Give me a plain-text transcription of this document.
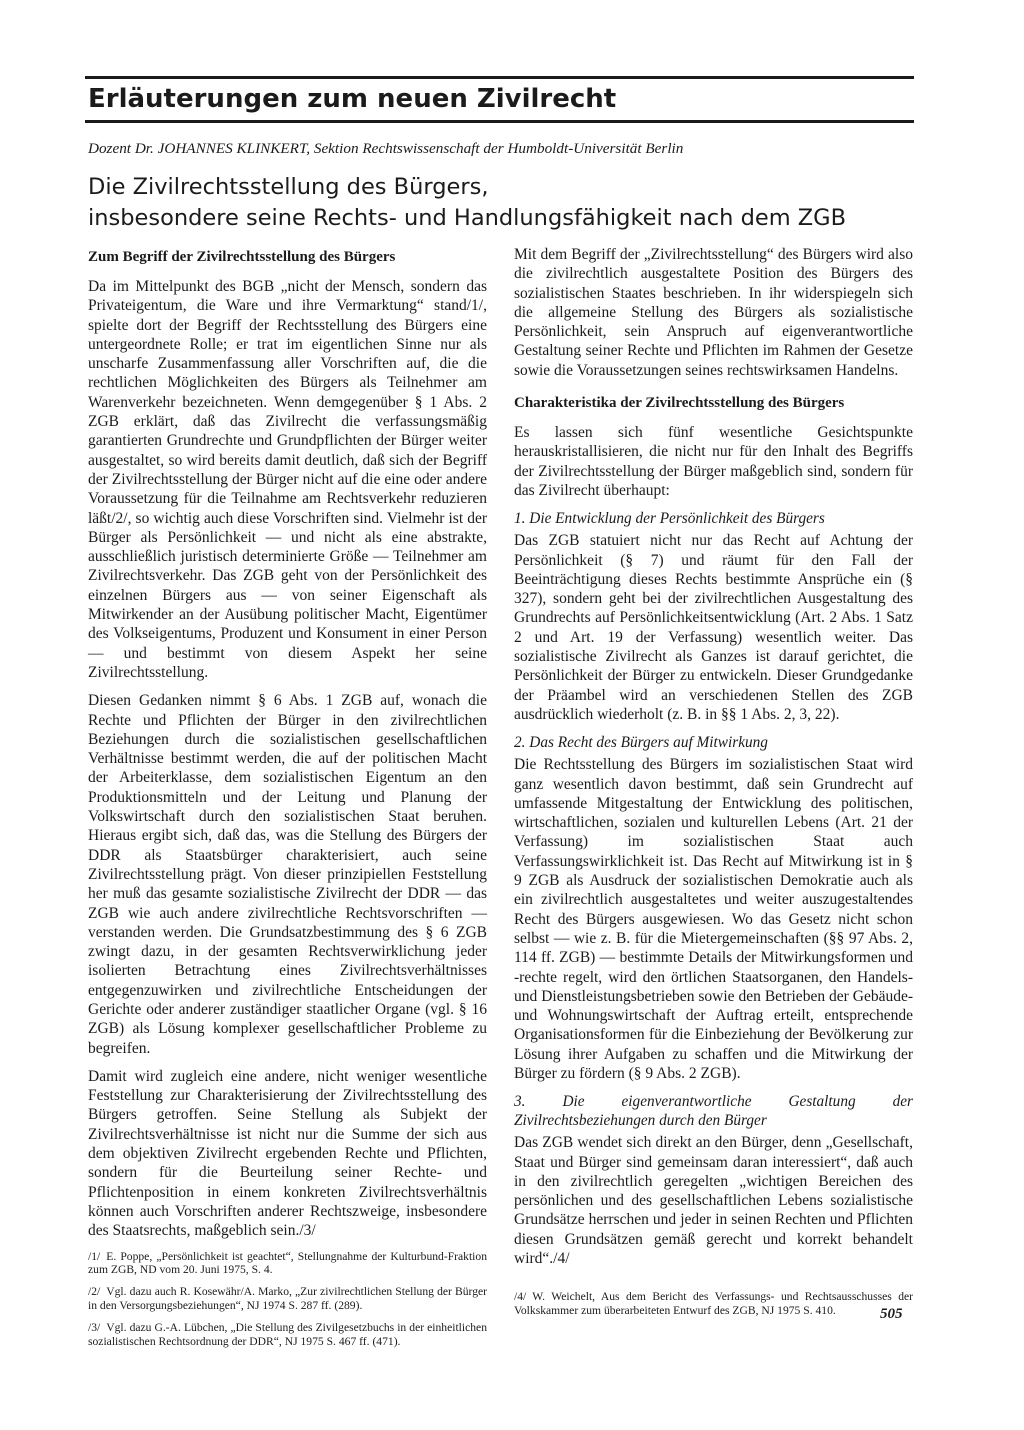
Erläuterungen zum neuen Zivilrecht

Dozent Dr. JOHANNES KLINKERT, Sektion Rechtswissenschaft der Humboldt-Universität Berlin

Die Zivilrechtsstellung des Bürgers,
insbesondere seine Rechts- und Handlungsfähigkeit nach dem ZGB
Zum Begriff der Zivilrechtsstellung des Bürgers

Da im Mittelpunkt des BGB „nicht der Mensch, sondern das Privateigentum, die Ware und ihre Vermarktung“ stand/1/, spielte dort der Begriff der Rechtsstellung des Bürgers eine untergeordnete Rolle; er trat im eigentlichen Sinne nur als unscharfe Zusammenfassung aller Vorschriften auf, die die rechtlichen Möglichkeiten des Bürgers als Teilnehmer am Warenverkehr bezeichneten. Wenn demgegenüber § 1 Abs. 2 ZGB erklärt, daß das Zivilrecht die verfassungsmäßig garantierten Grundrechte und Grundpflichten der Bürger weiter ausgestaltet, so wird bereits damit deutlich, daß sich der Begriff der Zivilrechtsstellung der Bürger nicht auf die eine oder andere Voraussetzung für die Teilnahme am Rechtsverkehr reduzieren läßt/2/, so wichtig auch diese Vorschriften sind. Vielmehr ist der Bürger als Persönlichkeit — und nicht als eine abstrakte, ausschließlich juristisch determinierte Größe — Teilnehmer am Zivilrechtsverkehr. Das ZGB geht von der Persönlichkeit des einzelnen Bürgers aus — von seiner Eigenschaft als Mitwirkender an der Ausübung politischer Macht, Eigentümer des Volkseigentums, Produzent und Konsument in einer Person — und bestimmt von diesem Aspekt her seine Zivilrechtsstellung.

Diesen Gedanken nimmt § 6 Abs. 1 ZGB auf, wonach die Rechte und Pflichten der Bürger in den zivilrechtlichen Beziehungen durch die sozialistischen gesellschaftlichen Verhältnisse bestimmt werden, die auf der politischen Macht der Arbeiterklasse, dem sozialistischen Eigentum an den Produktionsmitteln und der Leitung und Planung der Volkswirtschaft durch den sozialistischen Staat beruhen. Hieraus ergibt sich, daß das, was die Stellung des Bürgers der DDR als Staatsbürger charakterisiert, auch seine Zivilrechtsstellung prägt. Von dieser prinzipiellen Feststellung her muß das gesamte sozialistische Zivilrecht der DDR — das ZGB wie auch andere zivilrechtliche Rechtsvorschriften — verstanden werden. Die Grundsatzbestimmung des § 6 ZGB zwingt dazu, in der gesamten Rechtsverwirklichung jeder isolierten Betrachtung eines Zivilrechtsverhältnisses entgegenzuwirken und zivilrechtliche Entscheidungen der Gerichte oder anderer zuständiger staatlicher Organe (vgl. § 16 ZGB) als Lösung komplexer gesellschaftlicher Probleme zu begreifen.

Damit wird zugleich eine andere, nicht weniger wesentliche Feststellung zur Charakterisierung der Zivilrechtsstellung des Bürgers getroffen. Seine Stellung als Subjekt der Zivilrechtsverhältnisse ist nicht nur die Summe der sich aus dem objektiven Zivilrecht ergebenden Rechte und Pflichten, sondern für die Beurteilung seiner Rechte- und Pflichtenposition in einem konkreten Zivilrechtsverhältnis können auch Vorschriften anderer Rechtszweige, insbesondere des Staatsrechts, maßgeblich sein./3/

/1/ E. Poppe, „Persönlichkeit ist geachtet“, Stellungnahme der Kulturbund-Fraktion zum ZGB, ND vom 20. Juni 1975, S. 4.

/2/ Vgl. dazu auch R. Kosewähr/A. Marko, „Zur zivilrechtlichen Stellung der Bürger in den Versorgungsbeziehungen“, NJ 1974 S. 287 ff. (289).

/3/ Vgl. dazu G.-A. Lübchen, „Die Stellung des Zivilgesetzbuchs in der einheitlichen sozialistischen Rechtsordnung der DDR“, NJ 1975 S. 467 ff. (471).

Mit dem Begriff der „Zivilrechtsstellung“ des Bürgers wird also die zivilrechtlich ausgestaltete Position des Bürgers des sozialistischen Staates beschrieben. In ihr widerspiegeln sich die allgemeine Stellung des Bürgers als sozialistische Persönlichkeit, sein Anspruch auf eigenverantwortliche Gestaltung seiner Rechte und Pflichten im Rahmen der Gesetze sowie die Voraussetzungen seines rechtswirksamen Handelns.

Charakteristika der Zivilrechtsstellung des Bürgers

Es lassen sich fünf wesentliche Gesichtspunkte herauskristallisieren, die nicht nur für den Inhalt des Begriffs der Zivilrechtsstellung der Bürger maßgeblich sind, sondern für das Zivilrecht überhaupt:

1. Die Entwicklung der Persönlichkeit des Bürgers

Das ZGB statuiert nicht nur das Recht auf Achtung der Persönlichkeit (§ 7) und räumt für den Fall der Beeinträchtigung dieses Rechts bestimmte Ansprüche ein (§ 327), sondern geht bei der zivilrechtlichen Ausgestaltung des Grundrechts auf Persönlichkeitsentwicklung (Art. 2 Abs. 1 Satz 2 und Art. 19 der Verfassung) wesentlich weiter. Das sozialistische Zivilrecht als Ganzes ist darauf gerichtet, die Persönlichkeit der Bürger zu entwickeln. Dieser Grundgedanke der Präambel wird an verschiedenen Stellen des ZGB ausdrücklich wiederholt (z. B. in §§ 1 Abs. 2, 3, 22).

2. Das Recht des Bürgers auf Mitwirkung

Die Rechtsstellung des Bürgers im sozialistischen Staat wird ganz wesentlich davon bestimmt, daß sein Grundrecht auf umfassende Mitgestaltung der Entwicklung des politischen, wirtschaftlichen, sozialen und kulturellen Lebens (Art. 21 der Verfassung) im sozialistischen Staat auch Verfassungswirklichkeit ist. Das Recht auf Mitwirkung ist in § 9 ZGB als Ausdruck der sozialistischen Demokratie auch als ein zivilrechtlich ausgestaltetes und weiter auszugestaltendes Recht des Bürgers ausgewiesen. Wo das Gesetz nicht schon selbst — wie z. B. für die Mietergemeinschaften (§§ 97 Abs. 2, 114 ff. ZGB) — bestimmte Details der Mitwirkungsformen und -rechte regelt, wird den örtlichen Staatsorganen, den Handels- und Dienstleistungsbetrieben sowie den Betrieben der Gebäude- und Wohnungswirtschaft der Auftrag erteilt, entsprechende Organisationsformen für die Einbeziehung der Bevölkerung zur Lösung ihrer Aufgaben zu schaffen und die Mitwirkung der Bürger zu fördern (§ 9 Abs. 2 ZGB).

3. Die eigenverantwortliche Gestaltung der Zivilrechtsbeziehungen durch den Bürger

Das ZGB wendet sich direkt an den Bürger, denn „Gesellschaft, Staat und Bürger sind gemeinsam daran interessiert“, daß auch in den zivilrechtlich geregelten „wichtigen Bereichen des persönlichen und des gesellschaftlichen Lebens sozialistische Grundsätze herrschen und jeder in seinen Rechten und Pflichten diesen Grundsätzen gemäß gerecht und korrekt behandelt wird“./4/

/4/ W. Weichelt, Aus dem Bericht des Verfassungs- und Rechtsausschusses der Volkskammer zum überarbeiteten Entwurf des ZGB, NJ 1975 S. 410.	505
